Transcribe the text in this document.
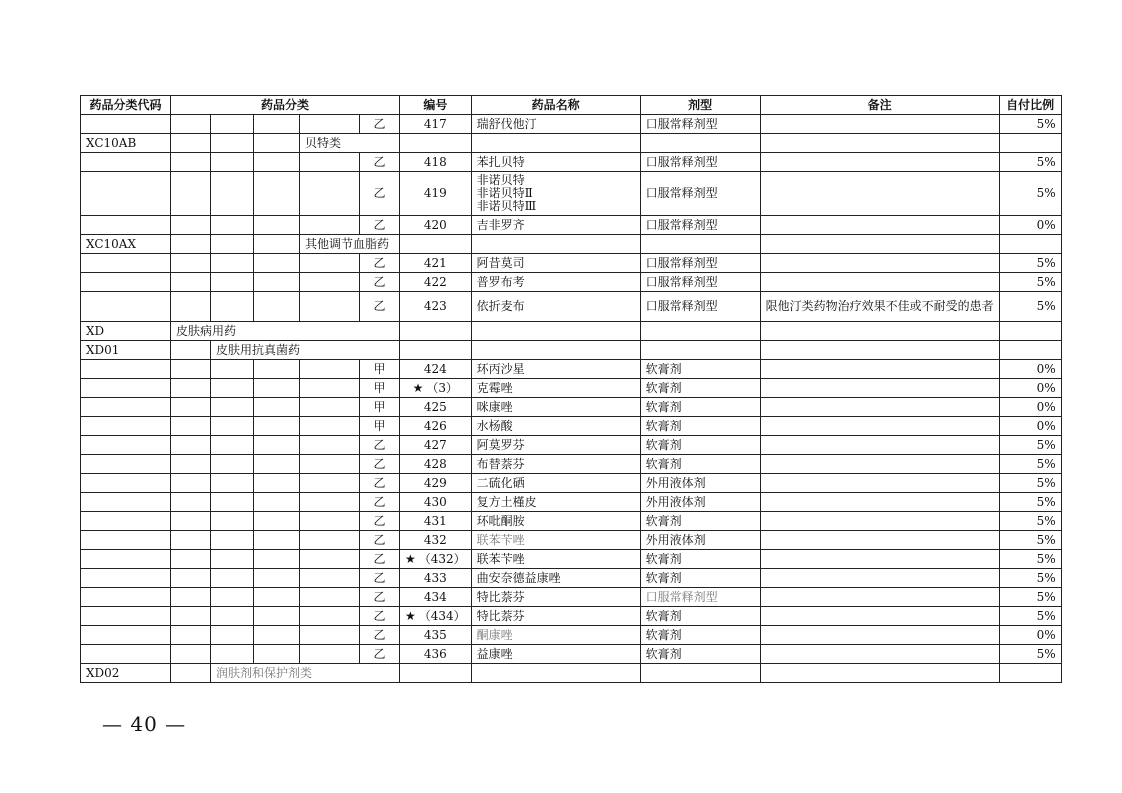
药品分类代码	药品分类					编号	药品名称	剂型	备注	自付比例
					乙	417	瑞舒伐他汀	口服常释剂型		5%
XC10AB				贝特类						
					乙	418	苯扎贝特	口服常释剂型		5%
					乙	419	非诺贝特
非诺贝特Ⅱ
非诺贝特Ⅲ	口服常释剂型		5%
					乙	420	吉非罗齐	口服常释剂型		0%
XC10AX				其他调节血脂药						
					乙	421	阿昔莫司	口服常释剂型		5%
					乙	422	普罗布考	口服常释剂型		5%
					乙	423	依折麦布	口服常释剂型	限他汀类药物治疗效果不佳或不耐受的患者	5%
XD	皮肤病用药									
XD01		皮肤用抗真菌药								
					甲	424	环丙沙星	软膏剂		0%
					甲	★ （3）	克霉唑	软膏剂		0%
					甲	425	咪康唑	软膏剂		0%
					甲	426	水杨酸	软膏剂		0%
					乙	427	阿莫罗芬	软膏剂		5%
					乙	428	布替萘芬	软膏剂		5%
					乙	429	二硫化硒	外用液体剂		5%
					乙	430	复方土槿皮	外用液体剂		5%
					乙	431	环吡酮胺	软膏剂		5%
					乙	432	联苯苄唑	外用液体剂		5%
					乙	★ （432）	联苯苄唑	软膏剂		5%
					乙	433	曲安奈德益康唑	软膏剂		5%
					乙	434	特比萘芬	口服常释剂型		5%
					乙	★ （434）	特比萘芬	软膏剂		5%
					乙	435	酮康唑	软膏剂		0%
					乙	436	益康唑	软膏剂		5%
XD02		润肤剂和保护剂类								
— 40 —
